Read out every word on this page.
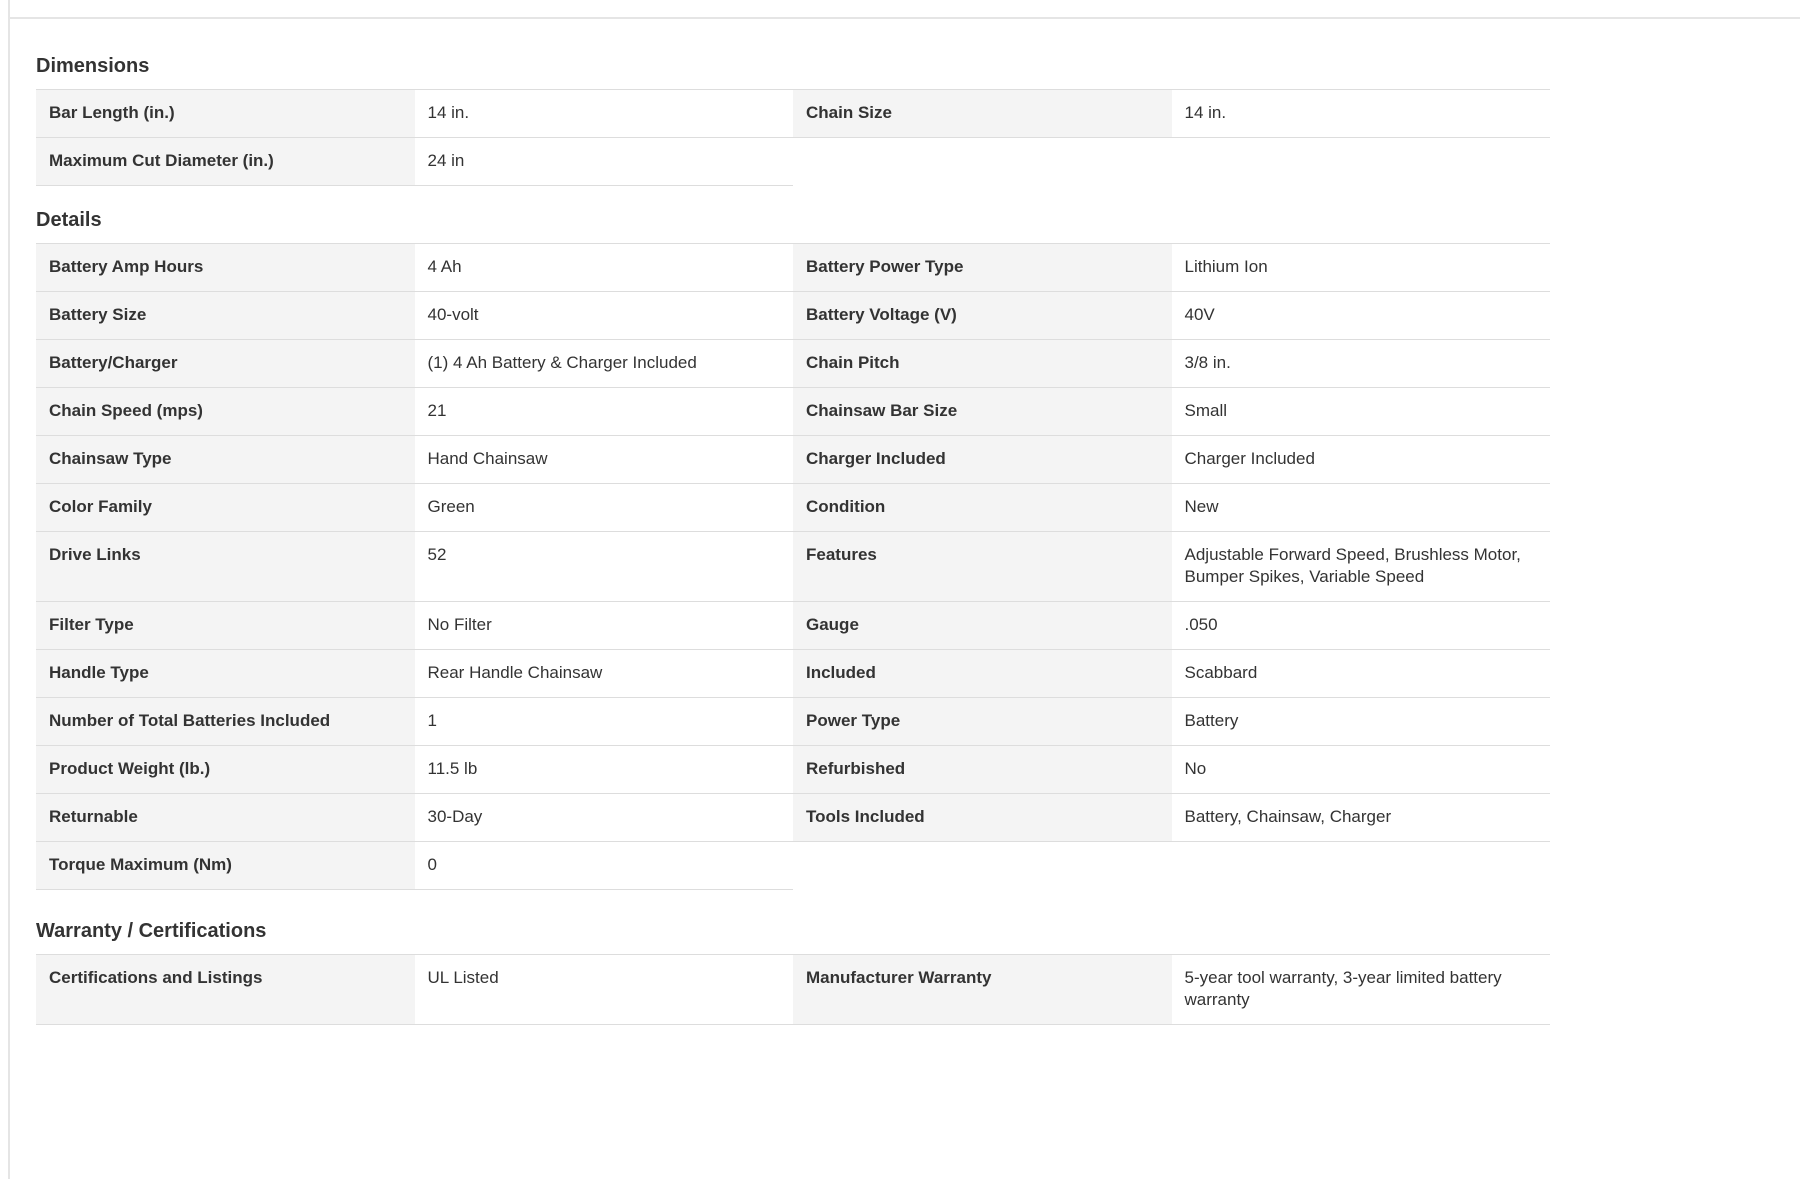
Dimensions
Bar Length (in.)	14 in.	Chain Size	14 in.
Maximum Cut Diameter (in.)	24 in
Details
Battery Amp Hours	4 Ah	Battery Power Type	Lithium Ion
Battery Size	40-volt	Battery Voltage (V)	40V
Battery/Charger	(1) 4 Ah Battery & Charger Included	Chain Pitch	3/8 in.
Chain Speed (mps)	21	Chainsaw Bar Size	Small
Chainsaw Type	Hand Chainsaw	Charger Included	Charger Included
Color Family	Green	Condition	New
Drive Links	52	Features	Adjustable Forward Speed, Brushless Motor, Bumper Spikes, Variable Speed
Filter Type	No Filter	Gauge	.050
Handle Type	Rear Handle Chainsaw	Included	Scabbard
Number of Total Batteries Included	1	Power Type	Battery
Product Weight (lb.)	11.5 lb	Refurbished	No
Returnable	30-Day	Tools Included	Battery, Chainsaw, Charger
Torque Maximum (Nm)	0
Warranty / Certifications
Certifications and Listings	UL Listed	Manufacturer Warranty	5-year tool warranty, 3-year limited battery warranty
